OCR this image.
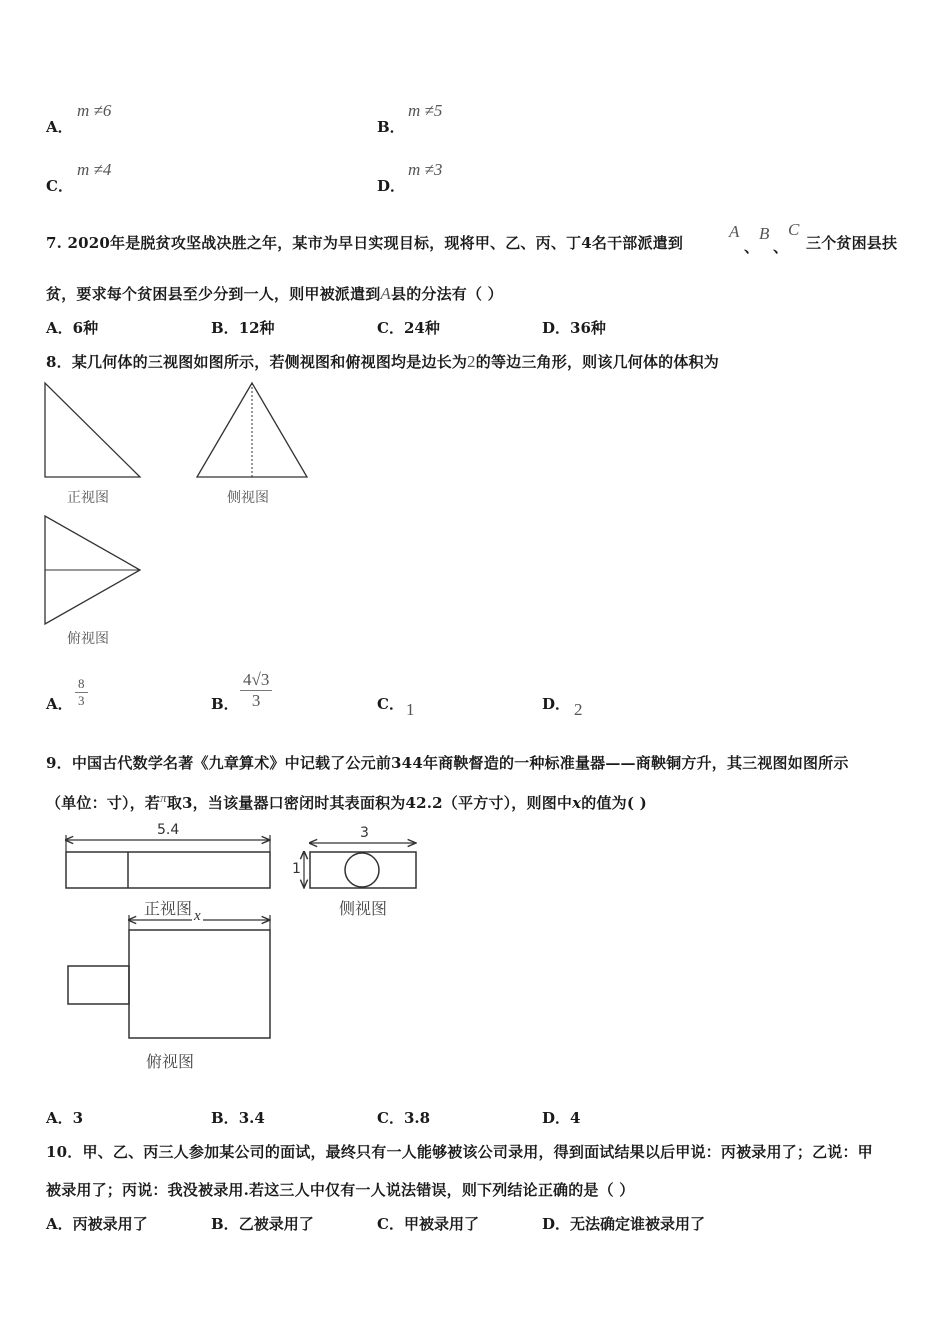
A．
m ≠6
B．
m ≠5
C．
m ≠4
D．
m ≠3
7. 2020年是脱贫攻坚战决胜之年，某市为早日实现目标，现将甲、乙、丙、丁4名干部派遣到
A
、
B
、
C
三个贫困县扶
贫，要求每个贫困县至少分到一人，则甲被派遣到A县的分法有（ ）
A．6种	B．12种	C．24种	D．36种
8．某几何体的三视图如图所示，若侧视图和俯视图均是边长为2的等边三角形，则该几何体的体积为
正视图	侧视图
俯视图
A． $\frac{8}{3}$	B． $\frac{4√3}{3}$	C． 1	D． 2
9．中国古代数学名著《九章算术》中记载了公元前344年商鞅督造的一种标准量器——商鞅铜方升，其三视图如图所示
（单位：寸），若π取3，当该量器口密闭时其表面积为42.2（平方寸），则图中x的值为( )
5.4	3
1
x
正视图	侧视图
俯视图
A．3	B．3.4	C．3.8	D．4
10．甲、乙、丙三人参加某公司的面试，最终只有一人能够被该公司录用，得到面试结果以后甲说：丙被录用了；乙说：甲
被录用了；丙说：我没被录用.若这三人中仅有一人说法错误，则下列结论正确的是（ ）
A．丙被录用了	B．乙被录用了	C．甲被录用了	D．无法确定谁被录用了
